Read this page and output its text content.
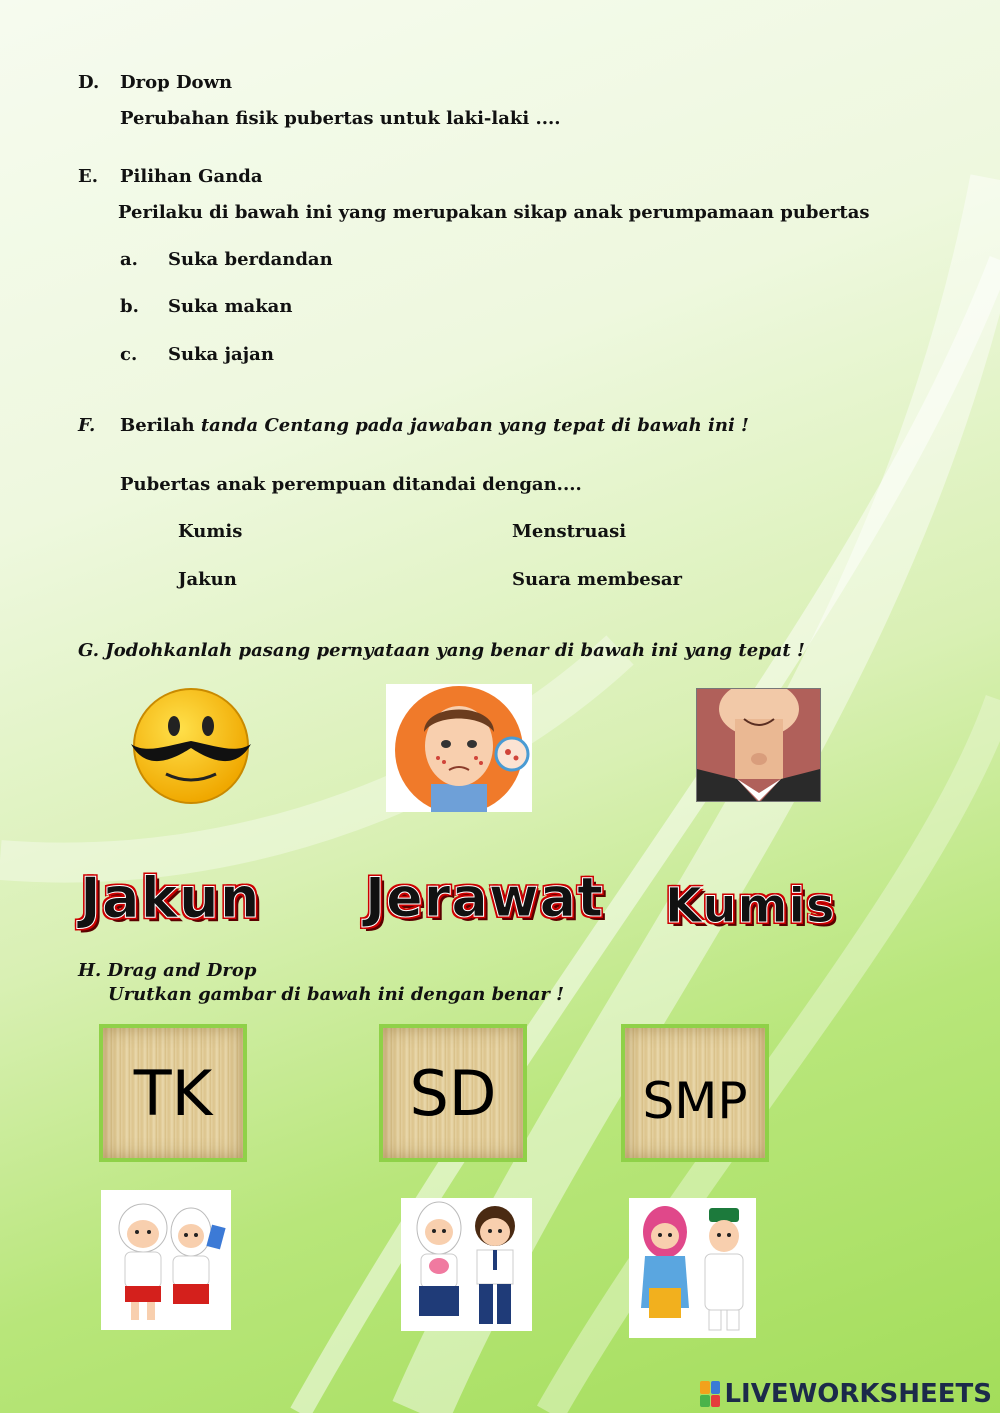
D. Drop Down
Perubahan fisik pubertas untuk laki-laki ....
E. Pilihan Ganda
Perilaku di bawah ini yang merupakan sikap anak perumpamaan pubertas
a. Suka berdandan
b. Suka makan
c. Suka jajan
F. Berilah tanda Centang pada jawaban yang tepat di bawah ini !
Pubertas anak perempuan ditandai dengan....
Kumis	Menstruasi
Jakun	Suara membesar
G. Jodohkanlah pasang pernyataan yang benar di bawah ini yang tepat !
Jakun Jerawat Kumis
H. Drag and Drop
Urutkan gambar di bawah ini dengan benar !
TK	SD	SMP
LIVEWORKSHEETS
